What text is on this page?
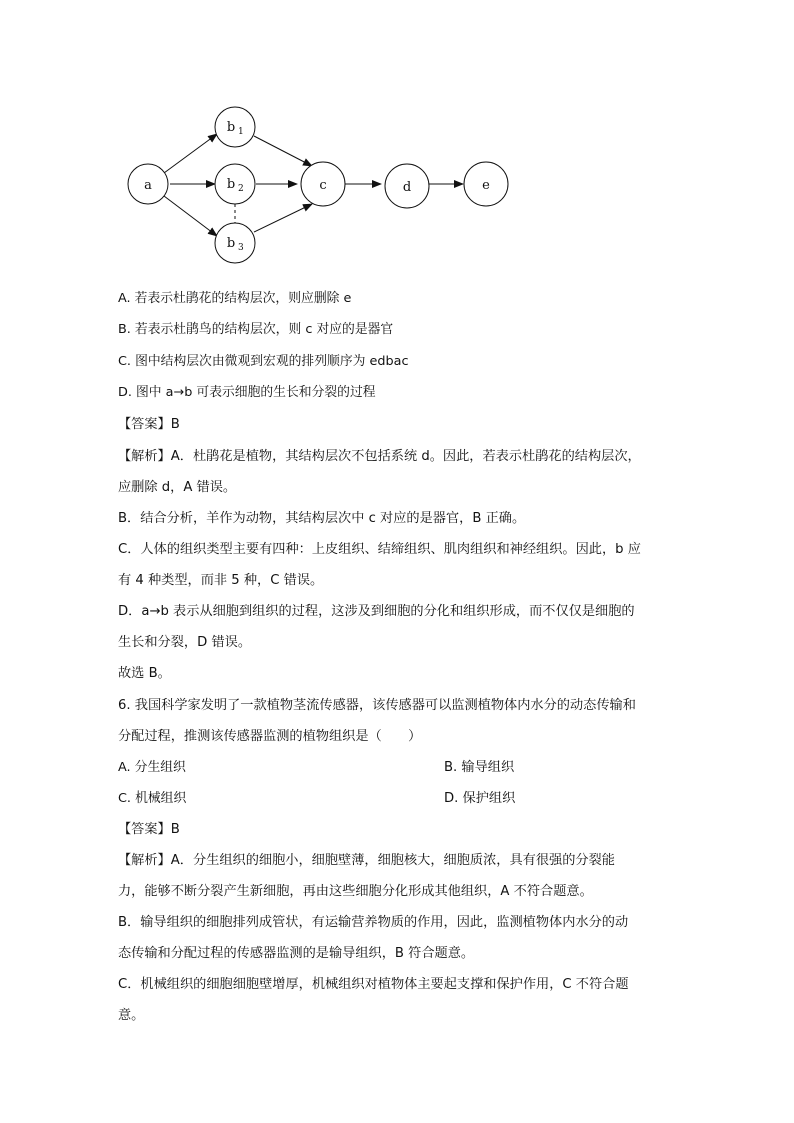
a
b 1
b 2
b 3
c	d	e
A. 若表示杜鹃花的结构层次，则应删除 e
B. 若表示杜鹃鸟的结构层次，则 c 对应的是器官
C. 图中结构层次由微观到宏观的排列顺序为 edbac
D. 图中 a→b 可表示细胞的生长和分裂的过程
【答案】B
【解析】A．杜鹃花是植物，其结构层次不包括系统 d。因此，若表示杜鹃花的结构层次，
应删除 d，A 错误。
B．结合分析，羊作为动物，其结构层次中 c 对应的是器官，B 正确。
C．人体的组织类型主要有四种：上皮组织、结缔组织、肌肉组织和神经组织。因此，b 应
有 4 种类型，而非 5 种，C 错误。
D．a→b 表示从细胞到组织的过程，这涉及到细胞的分化和组织形成，而不仅仅是细胞的
生长和分裂，D 错误。
故选 B。
6. 我国科学家发明了一款植物茎流传感器，该传感器可以监测植物体内水分的动态传输和
分配过程，推测该传感器监测的植物组织是（　　）
A. 分生组织	B. 输导组织
C. 机械组织	D. 保护组织
【答案】B
【解析】A．分生组织的细胞小，细胞壁薄，细胞核大，细胞质浓，具有很强的分裂能
力，能够不断分裂产生新细胞，再由这些细胞分化形成其他组织，A 不符合题意。
B．输导组织的细胞排列成管状，有运输营养物质的作用，因此，监测植物体内水分的动
态传输和分配过程的传感器监测的是输导组织，B 符合题意。
C．机械组织的细胞细胞壁增厚，机械组织对植物体主要起支撑和保护作用，C 不符合题
意。
